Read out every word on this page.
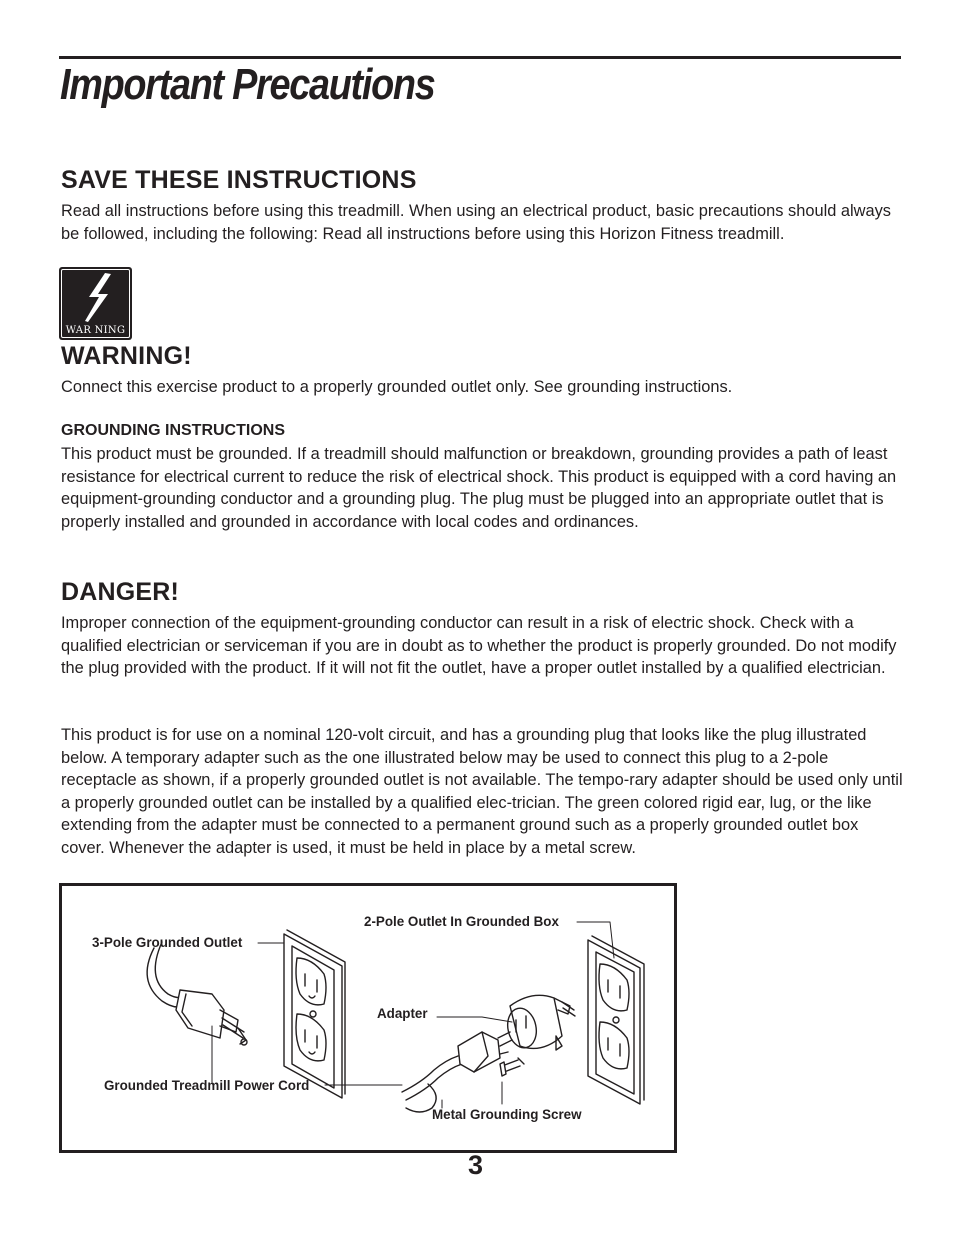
Important Precautions
SAVE THESE INSTRUCTIONS

Read all instructions before using this treadmill. When using an electrical product, basic precautions should always be followed, including the following: Read all instructions before using this Horizon Fitness treadmill.

WAR NING
WARNING!

Connect this exercise product to a properly grounded outlet only. See grounding instructions.

GROUNDING INSTRUCTIONS

This product must be grounded. If a treadmill should malfunction or breakdown, grounding provides a path of least resistance for electrical current to reduce the risk of electrical shock. This product is equipped with a cord having an equipment-grounding conductor and a grounding plug. The plug must be plugged into an appropriate outlet that is properly installed and grounded in accordance with local codes and ordinances.

DANGER!

Improper connection of the equipment-grounding conductor can result in a risk of electric shock. Check with a qualified electrician or serviceman if you are in doubt as to whether the product is properly grounded. Do not modify the plug provided with the product. If it will not fit the outlet, have a proper outlet installed by a qualified electrician.

This product is for use on a nominal 120-volt circuit, and has a grounding plug that looks like the plug illustrated below. A temporary adapter such as the one illustrated below may be used to connect this plug to a 2-pole receptacle as shown, if a properly grounded outlet is not available. The tempo-rary adapter should be used only until a properly grounded outlet can be installed by a qualified elec-trician. The green colored rigid ear, lug, or the like extending from the adapter must be connected to a permanent ground such as a properly grounded outlet box cover. Whenever the adapter is used, it must be held in place by a metal screw.

3-Pole Grounded Outlet

2-Pole Outlet In Grounded Box

Adapter

Grounded Treadmill Power Cord

Metal Grounding Screw

3
